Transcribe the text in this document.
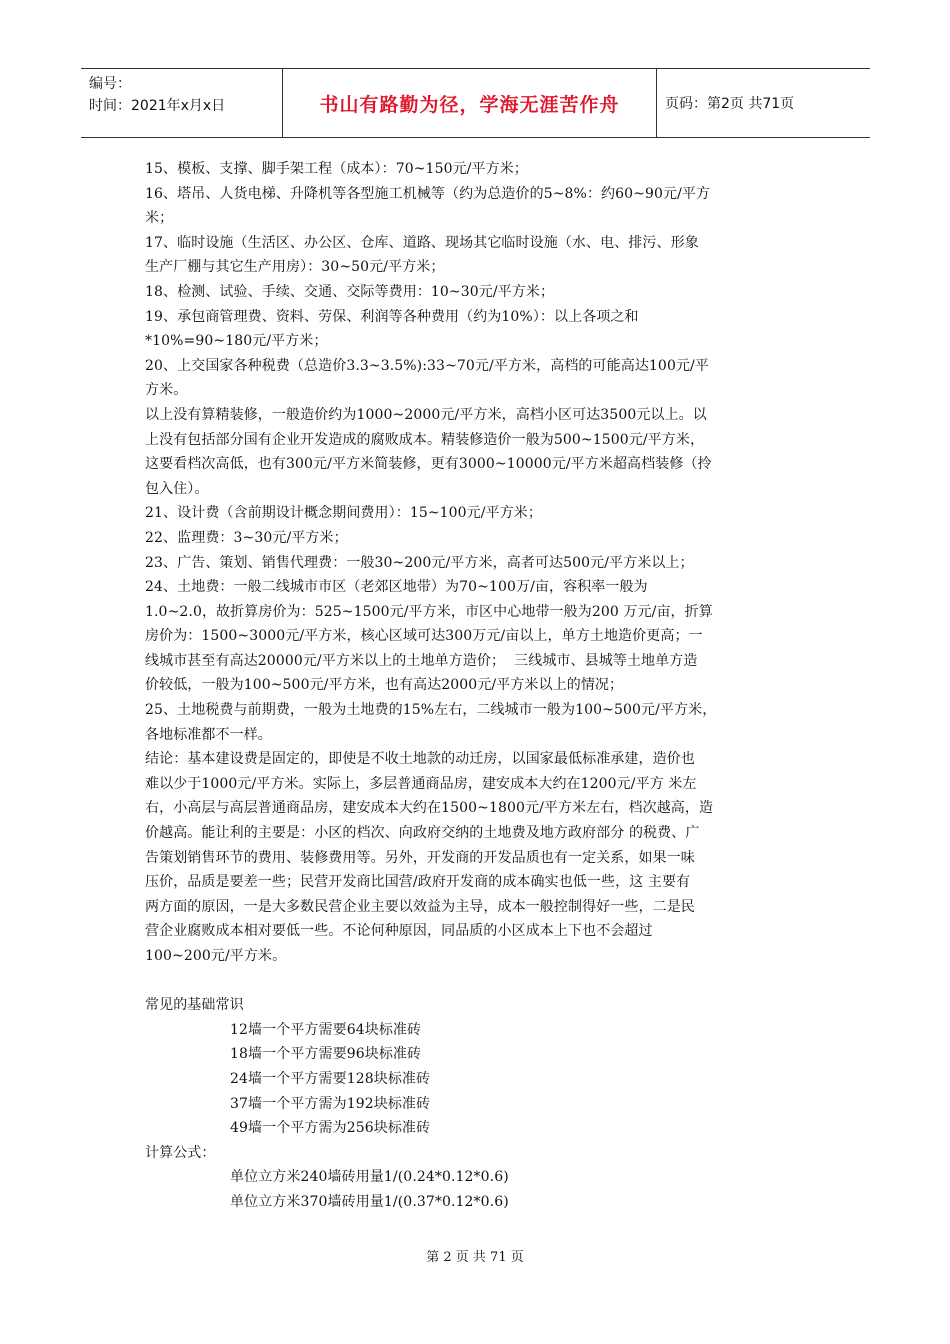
编号：
时间：2021年x月x日	书山有路勤为径，学海无涯苦作舟	页码：第2页 共71页
15、模板、支撑、脚手架工程（成本）：70~150元/平方米；
16、塔吊、人货电梯、升降机等各型施工机械等（约为总造价的5~8%：约60~90元/平方
米；
17、临时设施（生活区、办公区、仓库、道路、现场其它临时设施（水、电、排污、形象
生产厂棚与其它生产用房）：30~50元/平方米；
18、检测、试验、手续、交通、交际等费用：10~30元/平方米；
19、承包商管理费、资料、劳保、利润等各种费用（约为10%）：以上各项之和
*10%=90~180元/平方米；
20、上交国家各种税费（总造价3.3~3.5%):33~70元/平方米，高档的可能高达100元/平
方米。
以上没有算精装修，一般造价约为1000~2000元/平方米，高档小区可达3500元以上。以
上没有包括部分国有企业开发造成的腐败成本。精装修造价一般为500~1500元/平方米，
这要看档次高低，也有300元/平方米简装修，更有3000~10000元/平方米超高档装修（拎
包入住）。
21、设计费（含前期设计概念期间费用）：15~100元/平方米；
22、监理费：3~30元/平方米；
23、广告、策划、销售代理费：一般30~200元/平方米，高者可达500元/平方米以上；
24、土地费：一般二线城市市区（老郊区地带）为70~100万/亩，容积率一般为
1.0~2.0，故折算房价为：525~1500元/平方米，市区中心地带一般为200 万元/亩，折算
房价为：1500~3000元/平方米，核心区域可达300万元/亩以上，单方土地造价更高；一
线城市甚至有高达20000元/平方米以上的土地单方造价；  三线城市、县城等土地单方造
价较低，一般为100~500元/平方米，也有高达2000元/平方米以上的情况；
25、土地税费与前期费，一般为土地费的15%左右，二线城市一般为100~500元/平方米，
各地标准都不一样。
结论：基本建设费是固定的，即使是不收土地款的动迁房，以国家最低标准承建，造价也
难以少于1000元/平方米。实际上，多层普通商品房，建安成本大约在1200元/平方 米左
右，小高层与高层普通商品房，建安成本大约在1500~1800元/平方米左右，档次越高，造
价越高。能让利的主要是：小区的档次、向政府交纳的土地费及地方政府部分 的税费、广
告策划销售环节的费用、装修费用等。另外，开发商的开发品质也有一定关系，如果一味
压价，品质是要差一些；民营开发商比国营/政府开发商的成本确实也低一些，这 主要有
两方面的原因，一是大多数民营企业主要以效益为主导，成本一般控制得好一些，二是民
营企业腐败成本相对要低一些。不论何种原因，同品质的小区成本上下也不会超过
100~200元/平方米。
常见的基础常识
12墙一个平方需要64块标准砖
18墙一个平方需要96块标准砖
24墙一个平方需要128块标准砖
37墙一个平方需为192块标准砖
49墙一个平方需为256块标准砖
计算公式：
单位立方米240墙砖用量1/(0.24*0.12*0.6)
单位立方米370墙砖用量1/(0.37*0.12*0.6)
第 2 页 共 71 页
